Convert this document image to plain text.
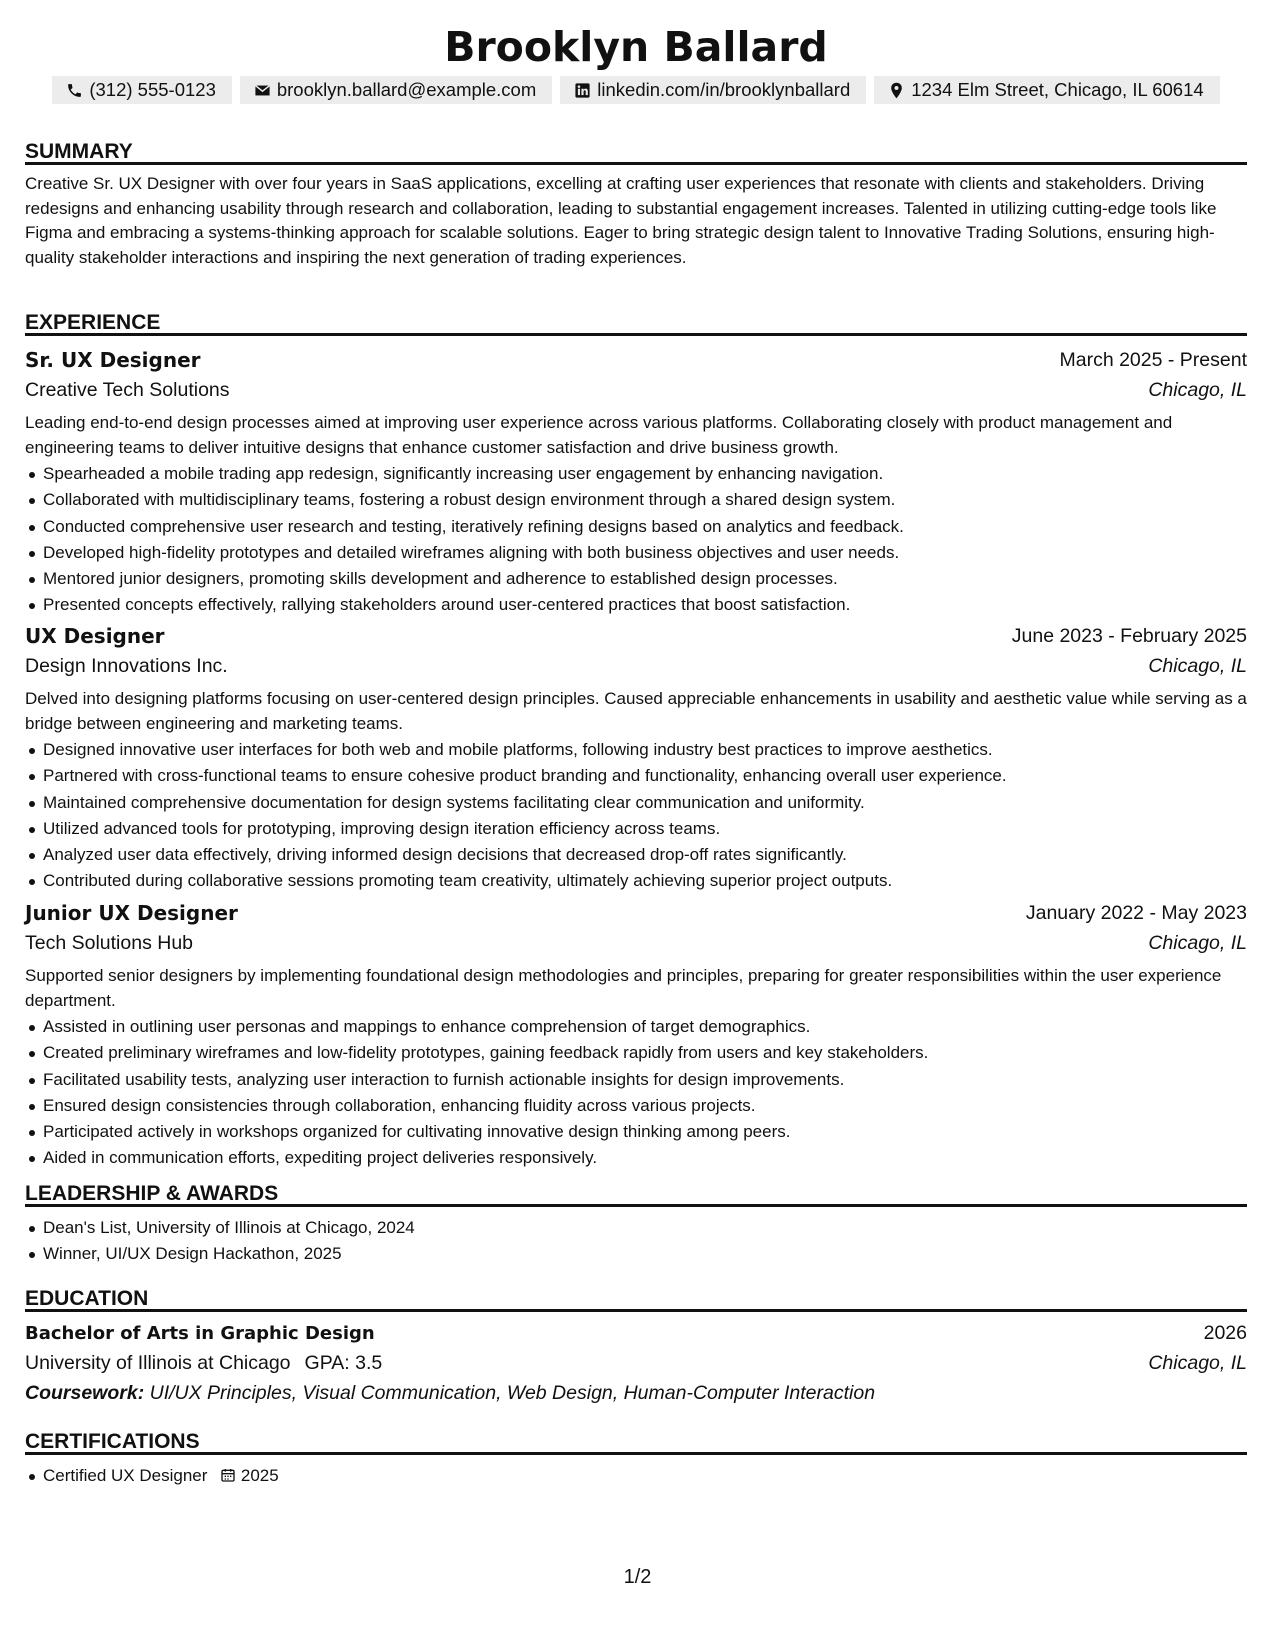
Brooklyn Ballard
(312) 555-0123	brooklyn.ballard@example.com	linkedin.com/in/brooklynballard	1234 Elm Street, Chicago, IL 60614
SUMMARY
Creative Sr. UX Designer with over four years in SaaS applications, excelling at crafting user experiences that resonate with clients and stakeholders. Driving redesigns and enhancing usability through research and collaboration, leading to substantial engagement increases. Talented in utilizing cutting-edge tools like Figma and embracing a systems-thinking approach for scalable solutions. Eager to bring strategic design talent to Innovative Trading Solutions, ensuring high-quality stakeholder interactions and inspiring the next generation of trading experiences.
EXPERIENCE
Sr. UX Designer	March 2025 - Present
Creative Tech Solutions	Chicago, IL
Leading end-to-end design processes aimed at improving user experience across various platforms. Collaborating closely with product management and engineering teams to deliver intuitive designs that enhance customer satisfaction and drive business growth.
Spearheaded a mobile trading app redesign, significantly increasing user engagement by enhancing navigation.
Collaborated with multidisciplinary teams, fostering a robust design environment through a shared design system.
Conducted comprehensive user research and testing, iteratively refining designs based on analytics and feedback.
Developed high-fidelity prototypes and detailed wireframes aligning with both business objectives and user needs.
Mentored junior designers, promoting skills development and adherence to established design processes.
Presented concepts effectively, rallying stakeholders around user-centered practices that boost satisfaction.
UX Designer	June 2023 - February 2025
Design Innovations Inc.	Chicago, IL
Delved into designing platforms focusing on user-centered design principles. Caused appreciable enhancements in usability and aesthetic value while serving as a bridge between engineering and marketing teams.
Designed innovative user interfaces for both web and mobile platforms, following industry best practices to improve aesthetics.
Partnered with cross-functional teams to ensure cohesive product branding and functionality, enhancing overall user experience.
Maintained comprehensive documentation for design systems facilitating clear communication and uniformity.
Utilized advanced tools for prototyping, improving design iteration efficiency across teams.
Analyzed user data effectively, driving informed design decisions that decreased drop-off rates significantly.
Contributed during collaborative sessions promoting team creativity, ultimately achieving superior project outputs.
Junior UX Designer	January 2022 - May 2023
Tech Solutions Hub	Chicago, IL
Supported senior designers by implementing foundational design methodologies and principles, preparing for greater responsibilities within the user experience department.
Assisted in outlining user personas and mappings to enhance comprehension of target demographics.
Created preliminary wireframes and low-fidelity prototypes, gaining feedback rapidly from users and key stakeholders.
Facilitated usability tests, analyzing user interaction to furnish actionable insights for design improvements.
Ensured design consistencies through collaboration, enhancing fluidity across various projects.
Participated actively in workshops organized for cultivating innovative design thinking among peers.
Aided in communication efforts, expediting project deliveries responsively.
LEADERSHIP & AWARDS
Dean's List, University of Illinois at Chicago, 2024
Winner, UI/UX Design Hackathon, 2025
EDUCATION
Bachelor of Arts in Graphic Design	2026
University of Illinois at Chicago GPA: 3.5	Chicago, IL
Coursework: UI/UX Principles, Visual Communication, Web Design, Human-Computer Interaction
CERTIFICATIONS
Certified UX Designer 2025
1/2
